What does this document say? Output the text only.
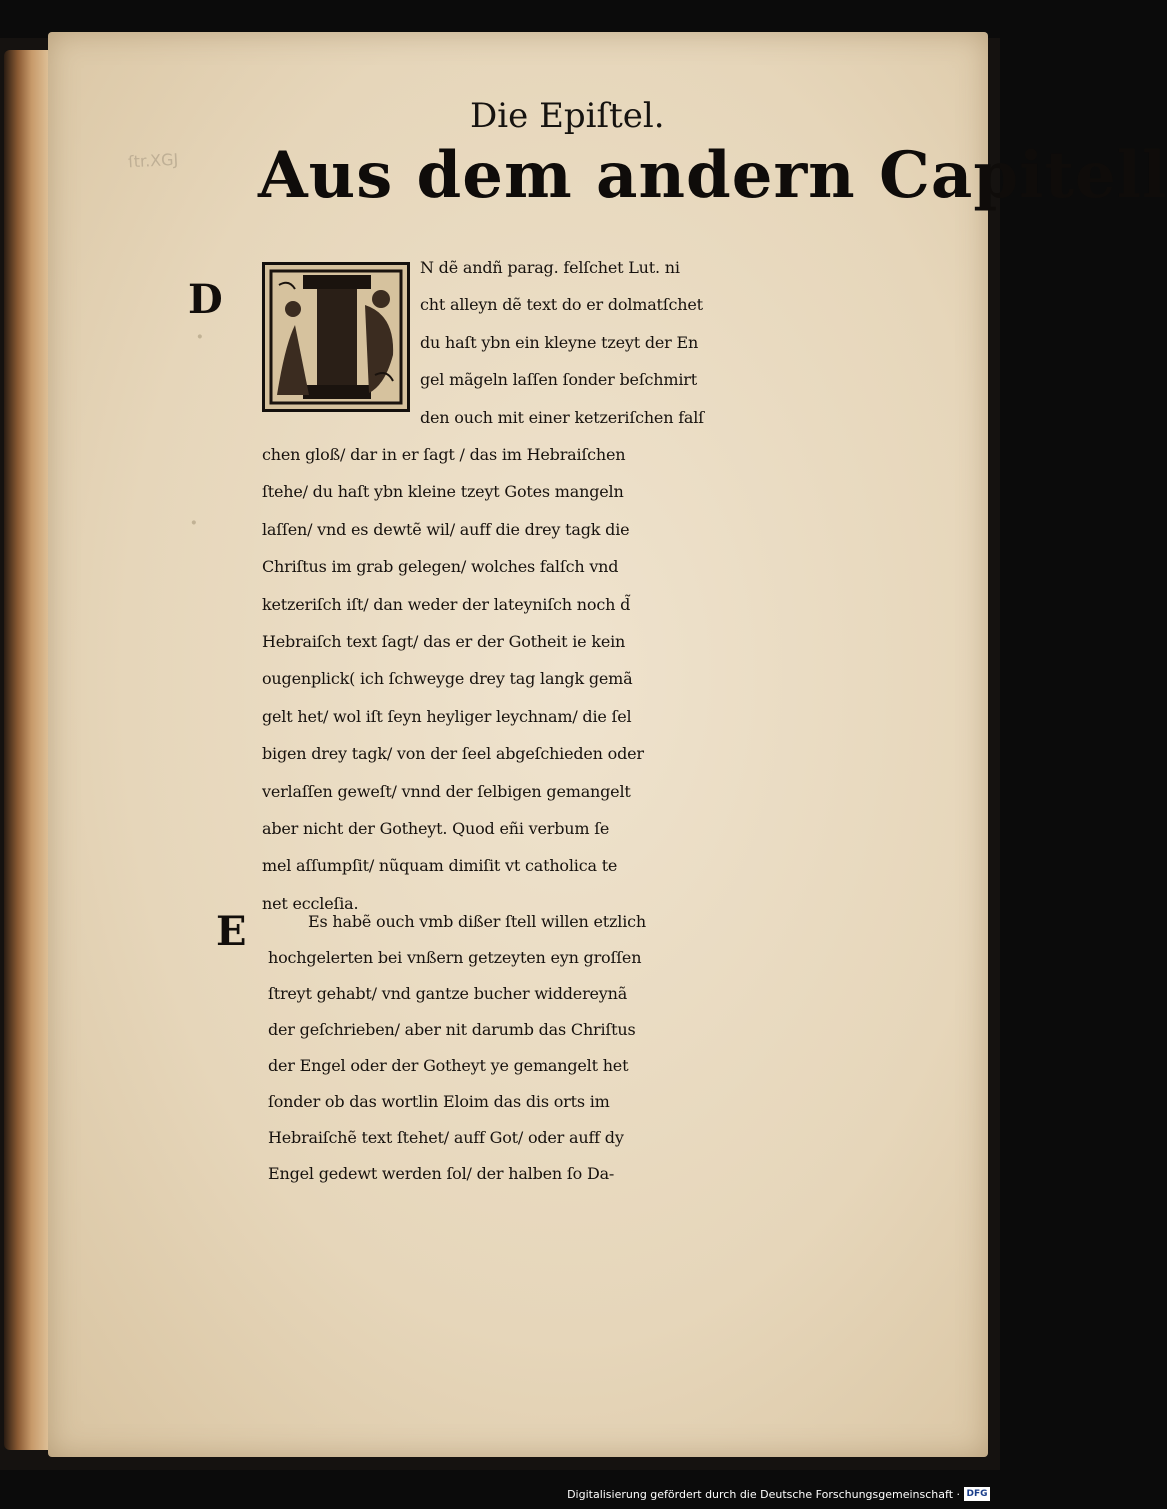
ſtr.XGJ
Die Epiſtel.
Aus dem andern Capitell
D
·
·
E
N dẽ andñ parag. felſchet Lut. ni
cht alleyn dẽ text do er dolmatſchet
du haſt ybn ein kleyne tzeyt der En
gel mãgeln laſſen ſonder beſchmirt
den ouch mit einer ketzeriſchen falſ
chen gloß/ dar in er ſagt / das im Hebraiſchen
ſtehe/ du haſt ybn kleine tzeyt Gotes mangeln
laſſen/ vnd es dewtẽ wil/ auff die drey tagk die
Chriſtus im grab gelegen/ wolches falſch vnd
ketzeriſch iſt/ dan weder der lateyniſch noch d̃
Hebraiſch text ſagt/ das er der Gotheit ie kein
ougenplick( ich ſchweyge drey tag langk gemã
gelt het/ wol iſt ſeyn heyliger leychnam/ die ſel
bigen drey tagk/ von der ſeel abgeſchieden oder
verlaſſen geweſt/ vnnd der ſelbigen gemangelt
aber nicht der Gotheyt. Quod eñi verbum ſe
mel aſſumpſit/ nũquam dimiſit vt catholica te
net eccleſia.
Es habẽ ouch vmb dißer ſtell willen etzlich
hochgelerten bei vnßern getzeyten eyn groſſen
ſtreyt gehabt/ vnd gantze bucher widdereynã
der geſchrieben/ aber nit darumb das Chriſtus
der Engel oder der Gotheyt ye gemangelt het
ſonder ob das wortlin Eloim das dis orts im
Hebraiſchẽ text ſtehet/ auff Got/ oder auff dy
Engel gedewt werden ſol/ der halben ſo Da-
Digitalisierung gefördert durch die Deutsche Forschungsgemeinschaft · DFG
